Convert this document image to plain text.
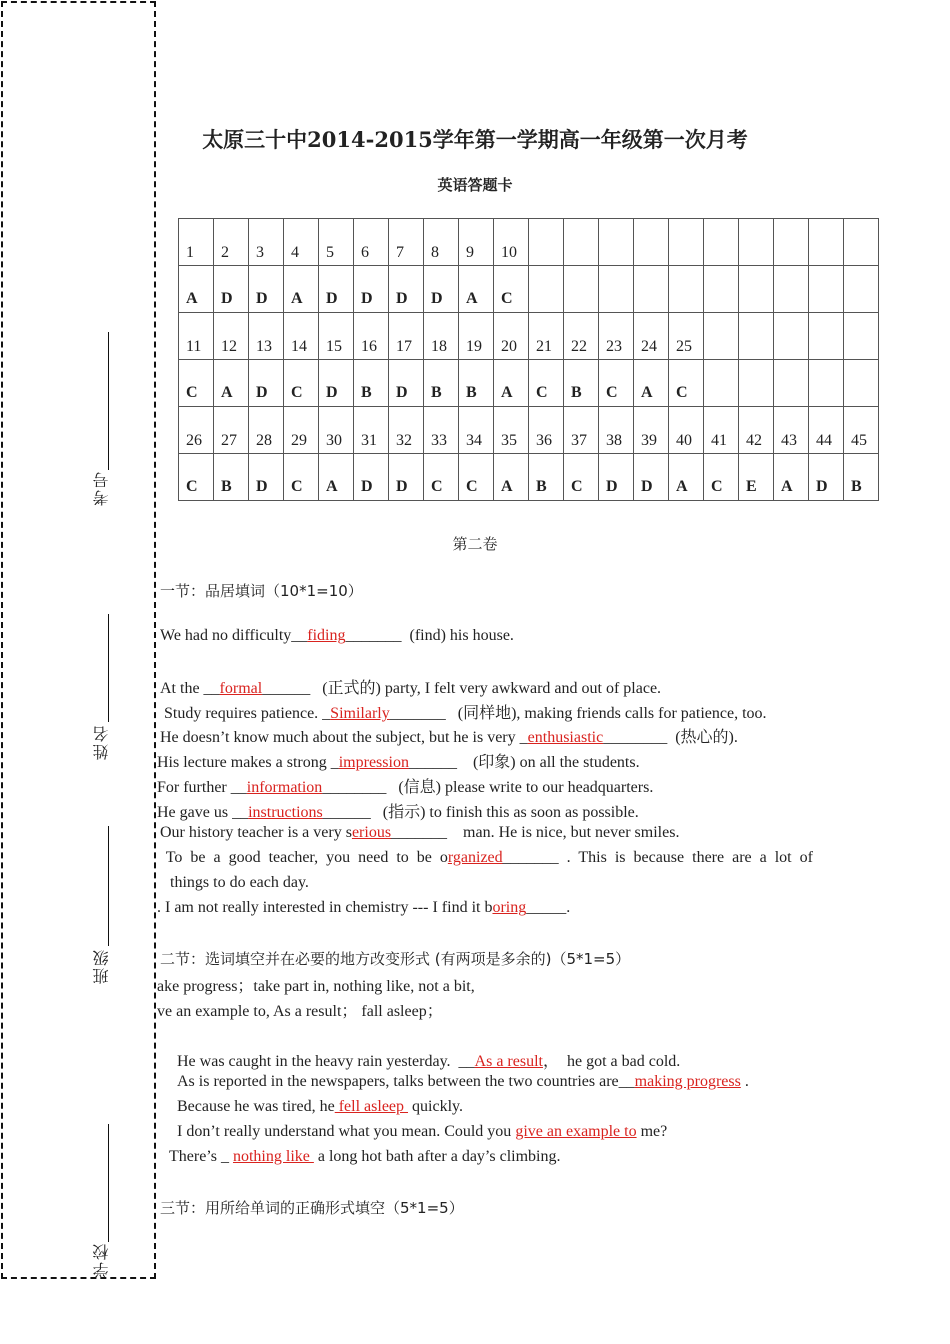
考号
姓名
班级
学校
太原三十中2014-2015学年第一学期高一年级第一次月考
英语答题卡
1	2	3	4	5	6	7	8	9	10										
A	D	D	A	D	D	D	D	A	C										
11	12	13	14	15	16	17	18	19	20	21	22	23	24	25					
C	A	D	C	D	B	D	B	B	A	C	B	C	A	C					
26	27	28	29	30	31	32	33	34	35	36	37	38	39	40	41	42	43	44	45
C	B	D	C	A	D	D	C	C	A	B	C	D	D	A	C	E	A	D	B
第二卷
一节：品居填词（10*1=10）
We had no difficulty__fiding_______  (find) his house.
At the __formal______   (正式的) party, I felt very awkward and out of place.
Study requires patience. _Similarly_______   (同样地), making friends calls for patience, too.
He doesn’t know much about the subject, but he is very _enthusiastic________  (热心的).
His lecture makes a strong _impression______    (印象) on all the students.
For further __information________   (信息) please write to our headquarters.
He gave us __instructions______   (指示) to finish this as soon as possible.
Our history teacher is a very serious_______    man. He is nice, but never smiles.
To  be  a  good  teacher,  you  need  to  be  organized_______  .  This  is  because  there  are  a  lot  of
things to do each day.
. I am not really interested in chemistry --- I find it boring_____.
二节：选词填空并在必要的地方改变形式 (有两项是多余的)（5*1=5）
ake progress；take part in, nothing like, not a bit,
ve an example to, As a result； fall asleep；
He was caught in the heavy rain yesterday.  __As a result，  he got a bad cold.
As is reported in the newspapers, talks between the two countries are__making progress .
Because he was tired, he fell asleep  quickly.
I don’t really understand what you mean. Could you give an example to me?
There’s _ nothing like  a long hot bath after a day’s climbing.
三节：用所给单词的正确形式填空（5*1=5）
